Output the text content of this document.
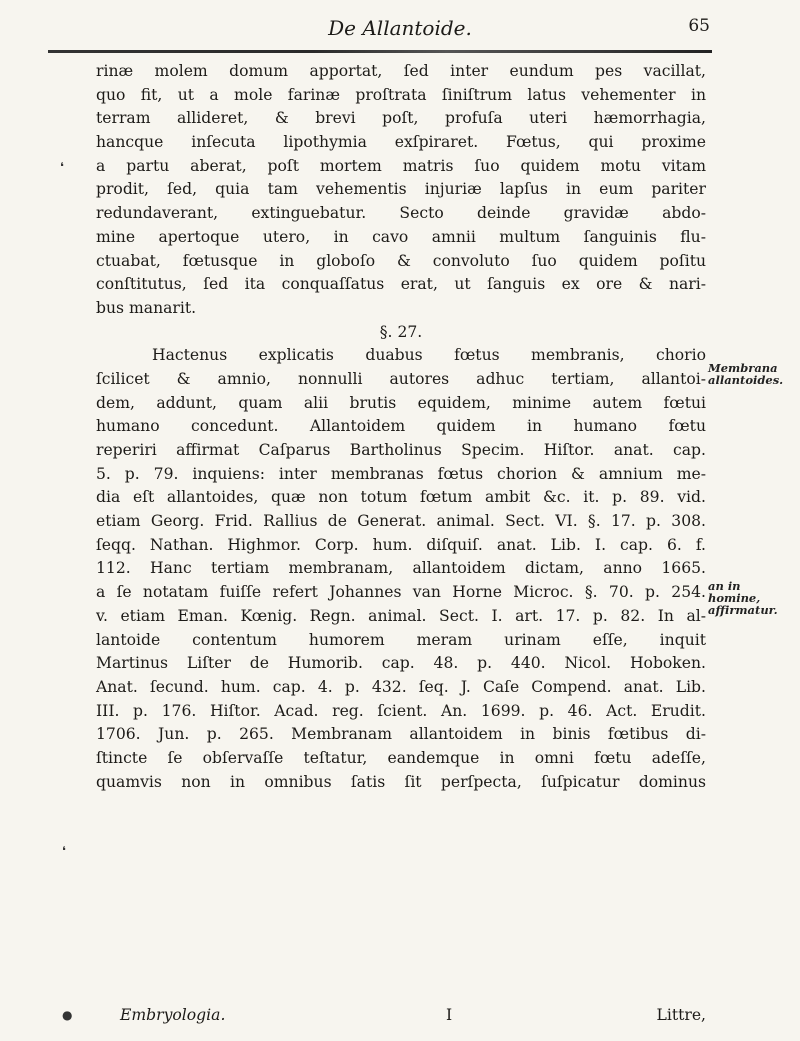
De Allantoide.	65
rinæ molem domum apportat, ſed inter eundum pes vacillat,
quo fit, ut a mole farinæ proſtrata ſiniſtrum latus vehementer in
terram allideret, & brevi poſt, profuſa uteri hæmorrhagia,
hancque inſecuta lipothymia exſpiraret. Fœtus, qui proxime
a partu aberat, poſt mortem matris ſuo quidem motu vitam
prodit, ſed, quia tam vehementis injuriæ lapſus in eum pariter
redundaverant, extinguebatur. Secto deinde gravidæ abdo-
mine apertoque utero, in cavo amnii multum ſanguinis flu-
ctuabat, fœtusque in globoſo & convoluto ſuo quidem poſitu
conſtitutus, ſed ita conquaſſatus erat, ut ſanguis ex ore & nari-
bus manarit.
§. 27.
Hactenus explicatis duabus fœtus membranis, chorio
ſcilicet & amnio, nonnulli autores adhuc tertiam, allantoi-
dem, addunt, quam alii brutis equidem, minime autem fœtui
humano concedunt. Allantoidem quidem in humano fœtu
reperiri affirmat Caſparus Bartholinus Specim. Hiſtor. anat. cap.
5. p. 79. inquiens: inter membranas fœtus chorion & amnium me-
dia eſt allantoides, quæ non totum fœtum ambit &c. it. p. 89. vid.
etiam Georg. Frid. Rallius de Generat. animal. Sect. VI. §. 17. p. 308.
ſeqq. Nathan. Highmor. Corp. hum. diſquiſ. anat. Lib. I. cap. 6. f.
112. Hanc tertiam membranam, allantoidem dictam, anno 1665.
a ſe notatam fuiſſe refert Johannes van Horne Microc. §. 70. p. 254.
v. etiam Eman. Kœnig. Regn. animal. Sect. I. art. 17. p. 82. In al-
lantoide contentum humorem meram urinam eſſe, inquit
Martinus Liſter de Humorib. cap. 48. p. 440. Nicol. Hoboken.
Anat. ſecund. hum. cap. 4. p. 432. ſeq. J. Caſe Compend. anat. Lib.
III. p. 176. Hiſtor. Acad. reg. ſcient. An. 1699. p. 46. Act. Erudit.
1706. Jun. p. 265. Membranam allantoidem in binis fœtibus di-
ſtincte ſe obſervaſſe teſtatur, eandemque in omni fœtu adeſſe,
quamvis non in omnibus ſatis ſit perſpecta, ſuſpicatur dominus
Membrana allantoides.
an in homine, affirmatur.
❛
❛
●	Embryologia.	I	Littre,
